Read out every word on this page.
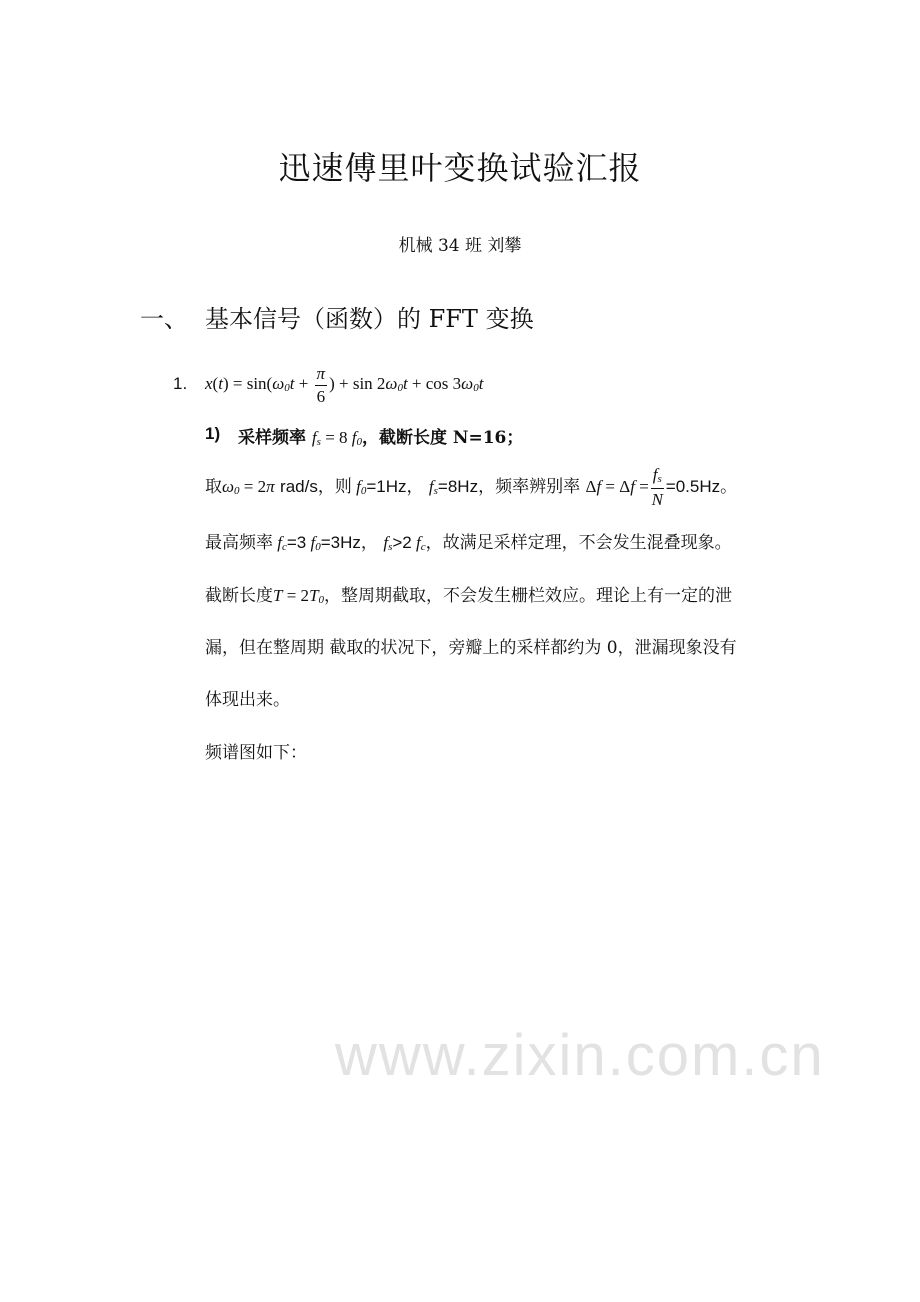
迅速傅里叶变换试验汇报
机械 34 班 刘攀
一、 基本信号（函数）的 FFT 变换
1. $x(t) = \sin(\omega 0t + \frac{\pi}{6}$ ) + sin 2ω0t + cos 3ω0t
1) 采样频率 fs = 8 f0，截断长度 N=16；
取ω0 = 2π rad/s，则 f0=1Hz， fs=8Hz，频率辨别率 $\Delta f = \Delta f = \frac{fs}{N} =0.5Hz$。
最高频率 fc=3 f0=3Hz， fs>2 fc，故满足采样定理，不会发生混叠现象。
截断长度T = 2T0，整周期截取，不会发生栅栏效应。理论上有一定的泄
漏，但在整周期 截取的状况下，旁瓣上的采样都约为 0，泄漏现象没有
体现出来。
频谱图如下：
www.zixin.com.cn
